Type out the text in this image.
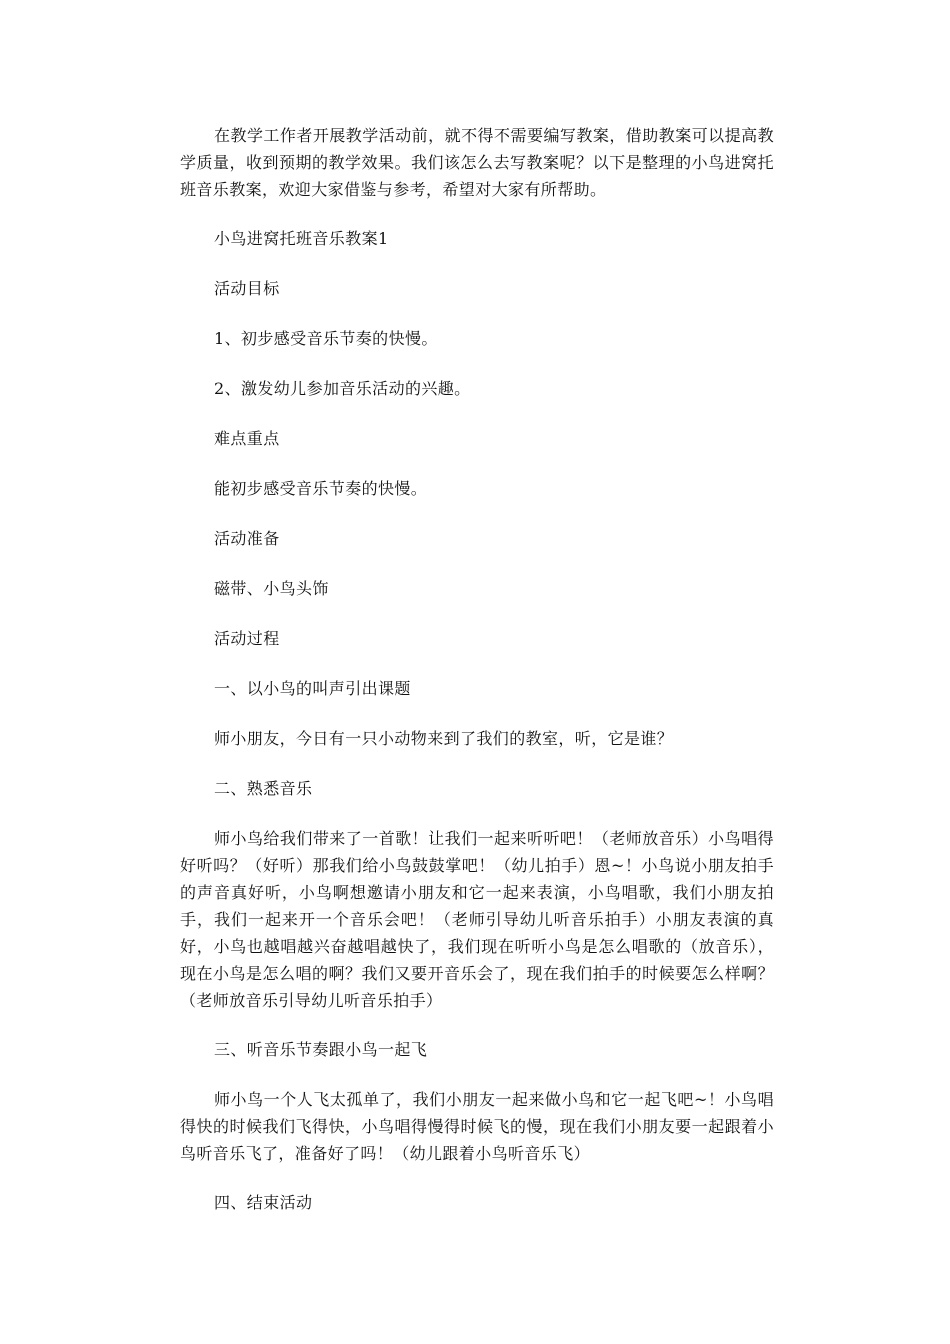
在教学工作者开展教学活动前，就不得不需要编写教案，借助教案可以提高教学质量，收到预期的教学效果。我们该怎么去写教案呢？以下是整理的小鸟进窝托班音乐教案，欢迎大家借鉴与参考，希望对大家有所帮助。

小鸟进窝托班音乐教案1

活动目标

1、初步感受音乐节奏的快慢。

2、激发幼儿参加音乐活动的兴趣。

难点重点

能初步感受音乐节奏的快慢。

活动准备

磁带、小鸟头饰

活动过程

一、以小鸟的叫声引出课题

师小朋友，今日有一只小动物来到了我们的教室，听，它是谁？

二、熟悉音乐

师小鸟给我们带来了一首歌！让我们一起来听听吧！（老师放音乐）小鸟唱得好听吗？（好听）那我们给小鸟鼓鼓掌吧！（幼儿拍手）恩~！小鸟说小朋友拍手的声音真好听，小鸟啊想邀请小朋友和它一起来表演，小鸟唱歌，我们小朋友拍手，我们一起来开一个音乐会吧！（老师引导幼儿听音乐拍手）小朋友表演的真好，小鸟也越唱越兴奋越唱越快了，我们现在听听小鸟是怎么唱歌的（放音乐），现在小鸟是怎么唱的啊？我们又要开音乐会了，现在我们拍手的时候要怎么样啊？（老师放音乐引导幼儿听音乐拍手）

三、听音乐节奏跟小鸟一起飞

师小鸟一个人飞太孤单了，我们小朋友一起来做小鸟和它一起飞吧~！小鸟唱得快的时候我们飞得快，小鸟唱得慢得时候飞的慢，现在我们小朋友要一起跟着小鸟听音乐飞了，准备好了吗！（幼儿跟着小鸟听音乐飞）

四、结束活动
